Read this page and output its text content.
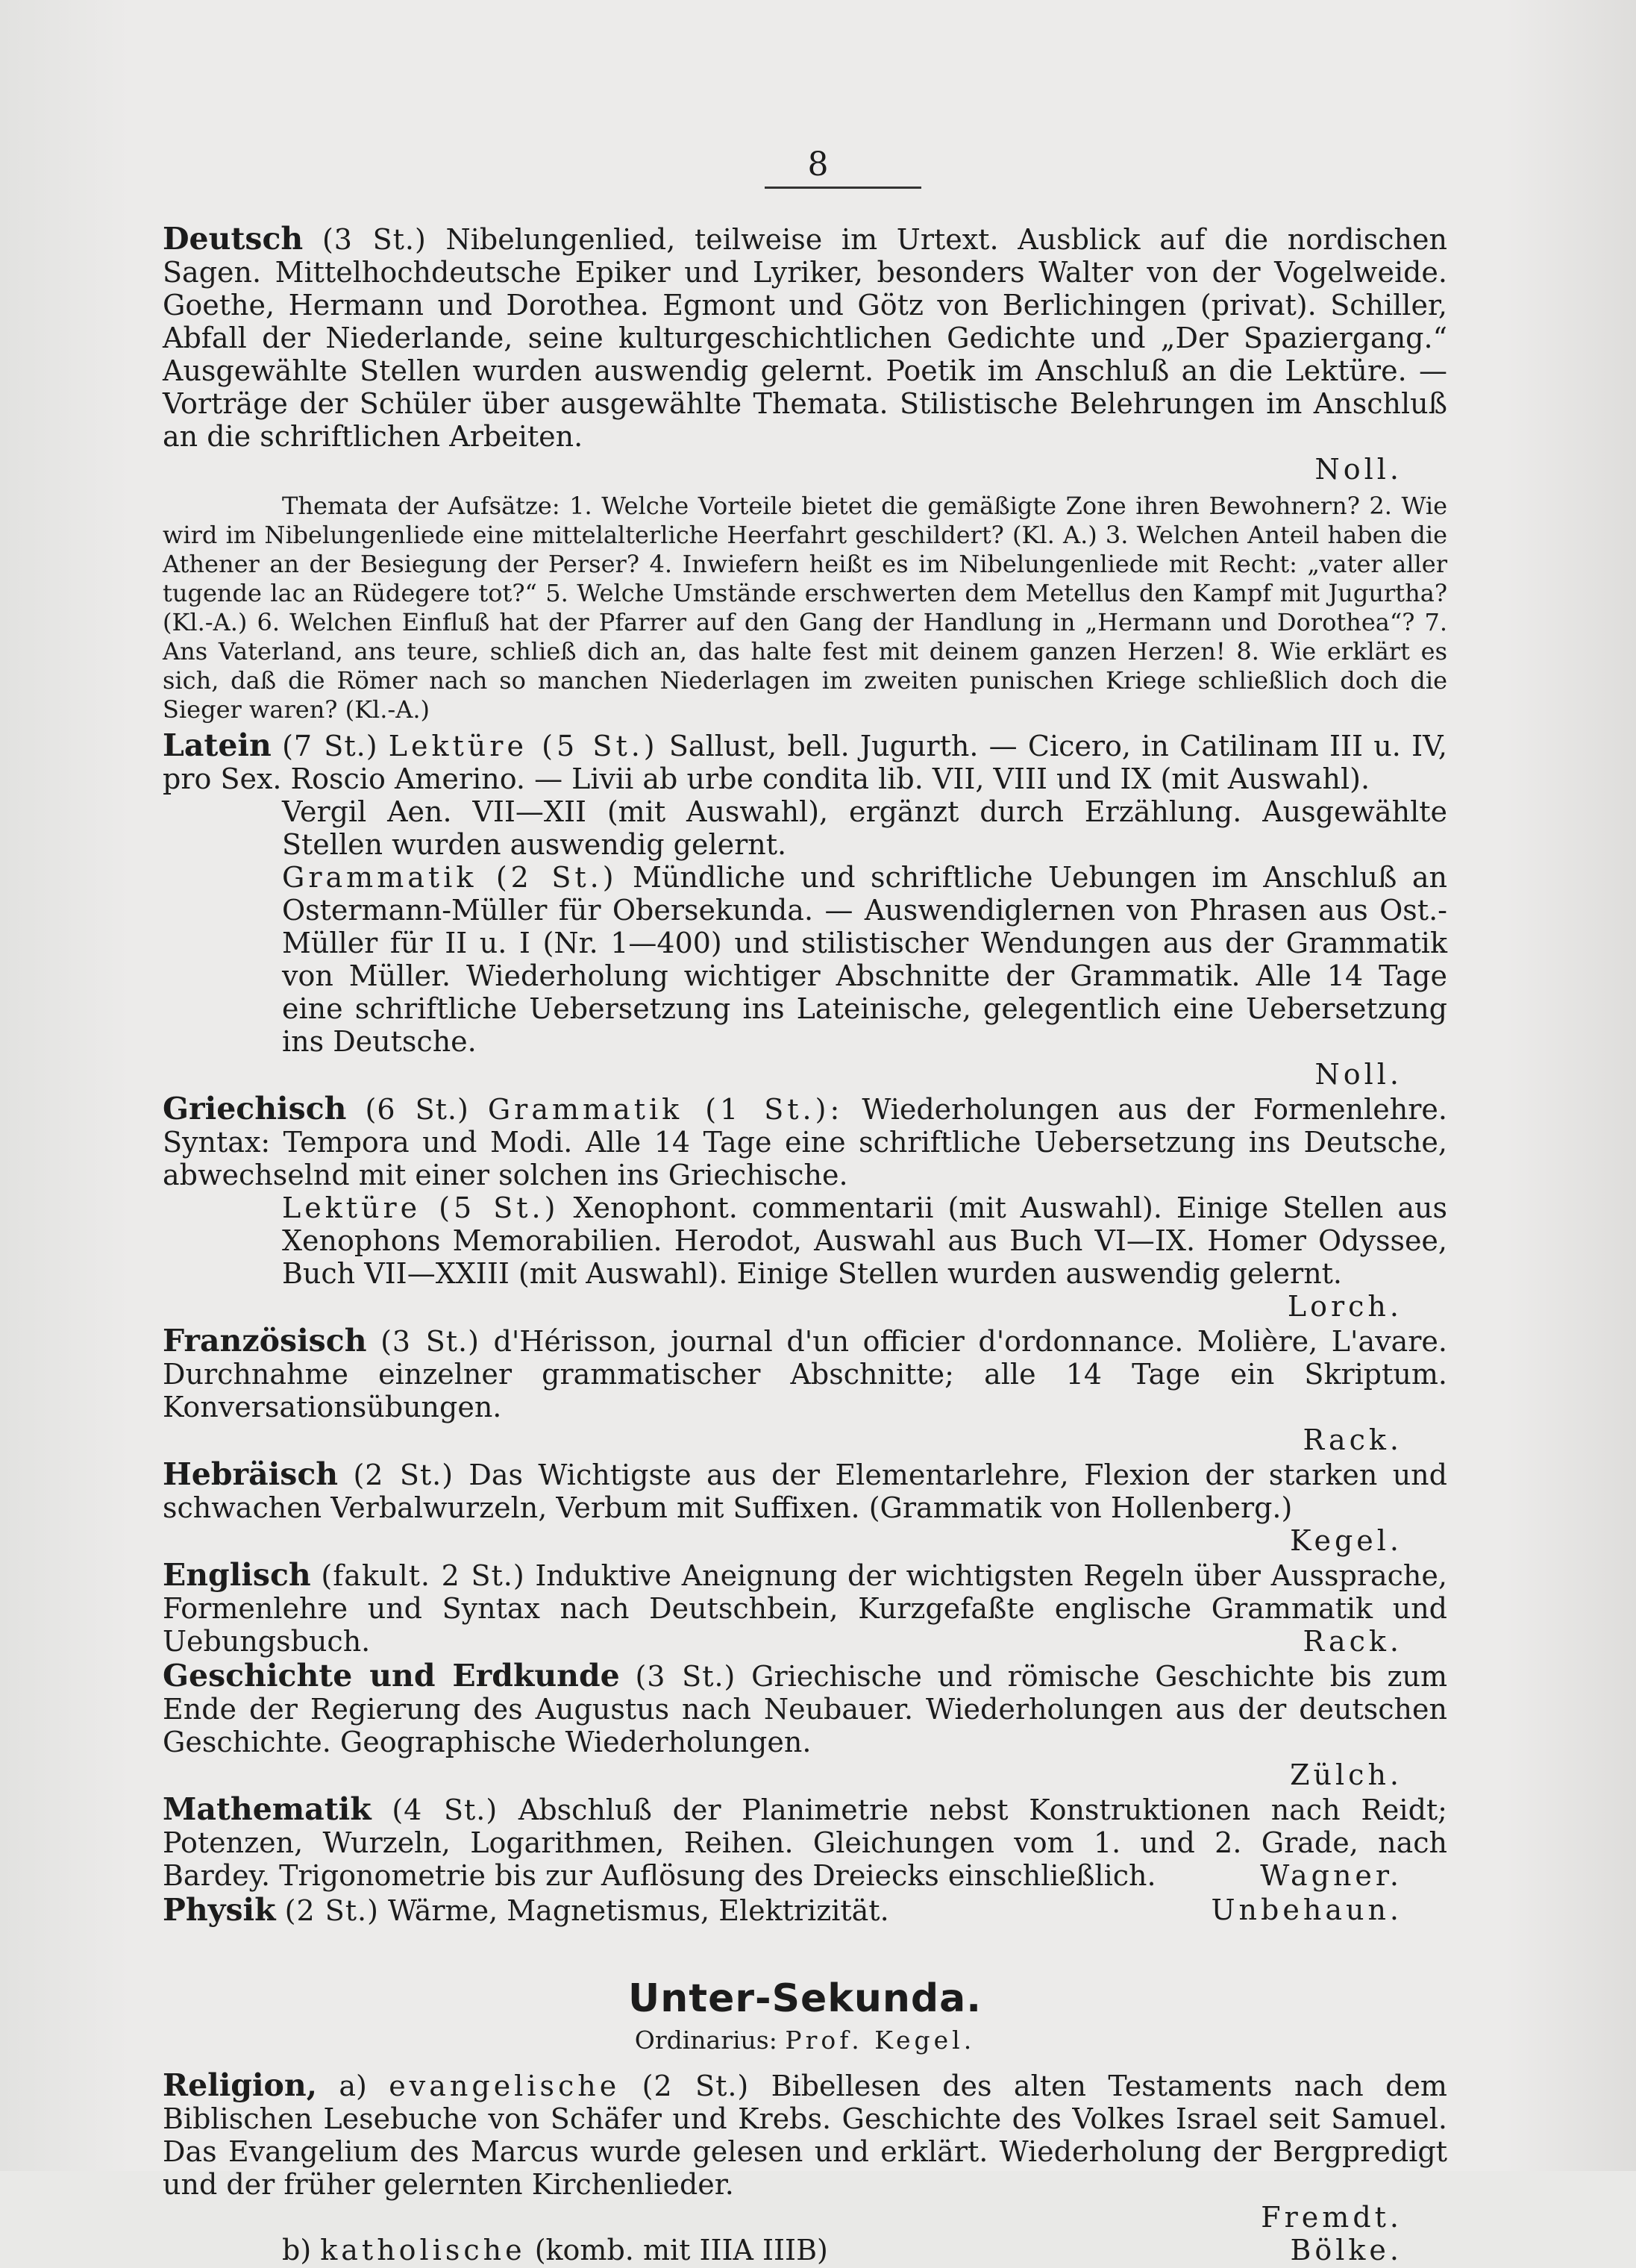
8
Deutsch (3 St.) Nibelungenlied, teilweise im Urtext. Ausblick auf die nordischen Sagen. Mittelhochdeutsche Epiker und Lyriker, besonders Walter von der Vogelweide. Goethe, Hermann und Dorothea. Egmont und Götz von Berlichingen (privat). Schiller, Abfall der Niederlande, seine kulturgeschichtlichen Gedichte und „Der Spaziergang.“ Ausgewählte Stellen wurden auswendig gelernt. Poetik im Anschluß an die Lektüre. — Vorträge der Schüler über ausgewählte Themata. Stilistische Belehrungen im Anschluß an die schriftlichen Arbeiten.
Noll.
Themata der Aufsätze: 1. Welche Vorteile bietet die gemäßigte Zone ihren Bewohnern? 2. Wie wird im Nibelungenliede eine mittelalterliche Heerfahrt geschildert? (Kl. A.) 3. Welchen Anteil haben die Athener an der Besiegung der Perser? 4. Inwiefern heißt es im Nibelungenliede mit Recht: „vater aller tugende lac an Rüdegere tot?“ 5. Welche Umstände erschwerten dem Metellus den Kampf mit Jugurtha? (Kl.-A.) 6. Welchen Einfluß hat der Pfarrer auf den Gang der Handlung in „Hermann und Dorothea“? 7. Ans Vaterland, ans teure, schließ dich an, das halte fest mit deinem ganzen Herzen! 8. Wie erklärt es sich, daß die Römer nach so manchen Niederlagen im zweiten punischen Kriege schließlich doch die Sieger waren? (Kl.-A.)
Latein (7 St.) Lektüre (5 St.) Sallust, bell. Jugurth. — Cicero, in Catilinam III u. IV, pro Sex. Roscio Amerino. — Livii ab urbe condita lib. VII, VIII und IX (mit Auswahl).
Vergil Aen. VII—XII (mit Auswahl), ergänzt durch Erzählung. Ausgewählte Stellen wurden auswendig gelernt.
Grammatik (2 St.) Mündliche und schriftliche Uebungen im Anschluß an Ostermann-Müller für Obersekunda. — Auswendiglernen von Phrasen aus Ost.-Müller für II u. I (Nr. 1—400) und stilistischer Wendungen aus der Grammatik von Müller. Wiederholung wichtiger Abschnitte der Grammatik. Alle 14 Tage eine schriftliche Uebersetzung ins Lateinische, gelegentlich eine Uebersetzung ins Deutsche.
Noll.
Griechisch (6 St.) Grammatik (1 St.): Wiederholungen aus der Formenlehre. Syntax: Tempora und Modi. Alle 14 Tage eine schriftliche Uebersetzung ins Deutsche, abwechselnd mit einer solchen ins Griechische.
Lektüre (5 St.) Xenophont. commentarii (mit Auswahl). Einige Stellen aus Xenophons Memorabilien. Herodot, Auswahl aus Buch VI—IX. Homer Odyssee, Buch VII—XXIII (mit Auswahl). Einige Stellen wurden auswendig gelernt.
Lorch.
Französisch (3 St.) d'Hérisson, journal d'un officier d'ordonnance. Molière, L'avare. Durchnahme einzelner grammatischer Abschnitte; alle 14 Tage ein Skriptum. Konversationsübungen.
Rack.
Hebräisch (2 St.) Das Wichtigste aus der Elementarlehre, Flexion der starken und schwachen Verbalwurzeln, Verbum mit Suffixen. (Grammatik von Hollenberg.)
Kegel.
Englisch (fakult. 2 St.) Induktive Aneignung der wichtigsten Regeln über Aussprache, Formenlehre und Syntax nach Deutschbein, Kurzgefaßte englische Grammatik und Uebungsbuch.	Rack.
Geschichte und Erdkunde (3 St.) Griechische und römische Geschichte bis zum Ende der Regierung des Augustus nach Neubauer. Wiederholungen aus der deutschen Geschichte. Geographische Wiederholungen.
Zülch.
Mathematik (4 St.) Abschluß der Planimetrie nebst Konstruktionen nach Reidt; Potenzen, Wurzeln, Logarithmen, Reihen. Gleichungen vom 1. und 2. Grade, nach Bardey. Trigonometrie bis zur Auflösung des Dreiecks einschließlich.	Wagner.
Physik (2 St.) Wärme, Magnetismus, Elektrizität.	Unbehaun.
Unter-Sekunda.
Ordinarius: Prof. Kegel.
Religion, a) evangelische (2 St.) Bibellesen des alten Testaments nach dem Biblischen Lesebuche von Schäfer und Krebs. Geschichte des Volkes Israel seit Samuel. Das Evangelium des Marcus wurde gelesen und erklärt. Wiederholung der Bergpredigt und der früher gelernten Kirchenlieder.
Fremdt.
b) katholische (komb. mit IIIA IIIB)	Bölke.
